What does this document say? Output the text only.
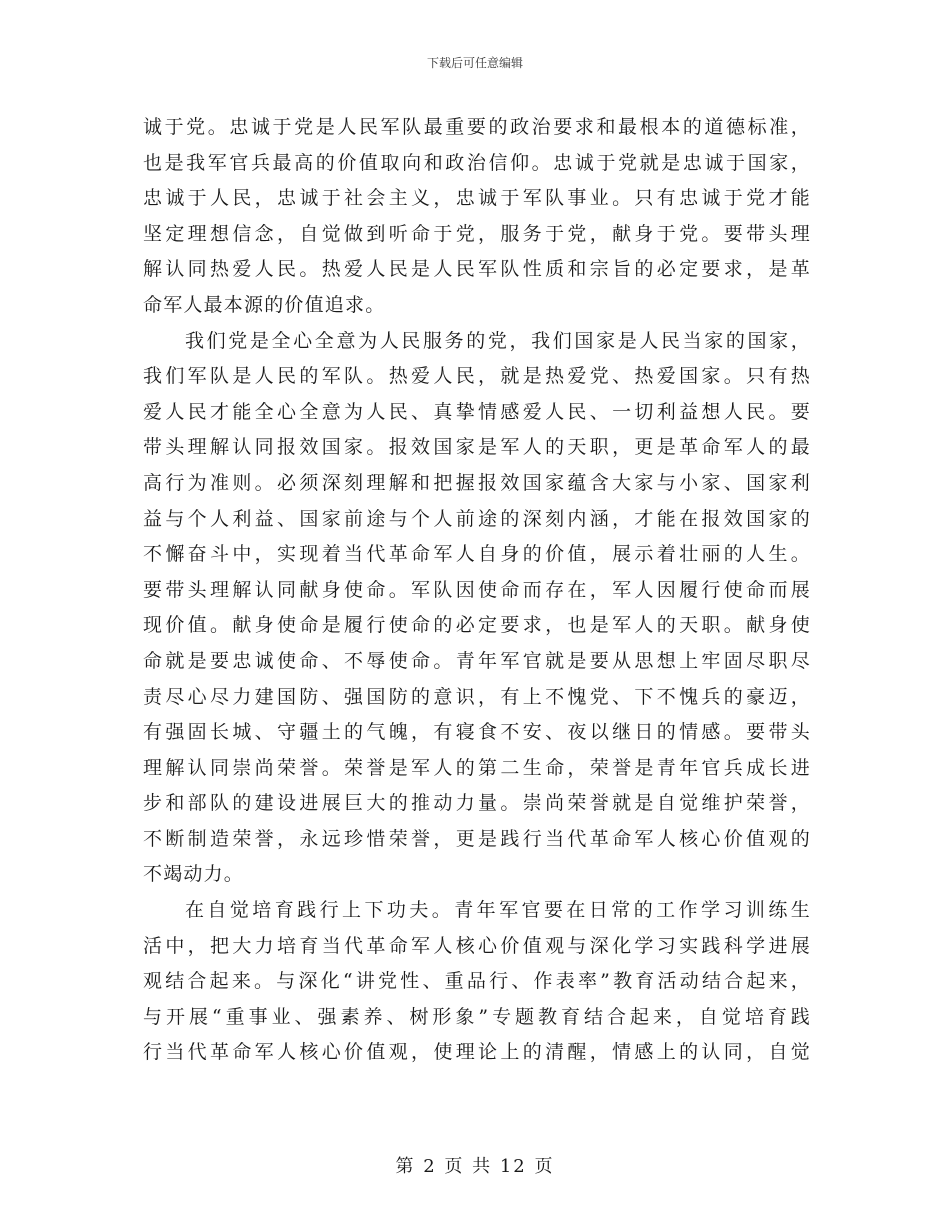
下载后可任意编辑
诚于党。忠诚于党是人民军队最重要的政治要求和最根本的道德标准，
也是我军官兵最高的价值取向和政治信仰。忠诚于党就是忠诚于国家，
忠诚于人民，忠诚于社会主义，忠诚于军队事业。只有忠诚于党才能
坚定理想信念，自觉做到听命于党，服务于党，献身于党。要带头理
解认同热爱人民。热爱人民是人民军队性质和宗旨的必定要求，是革
命军人最本源的价值追求。
我们党是全心全意为人民服务的党，我们国家是人民当家的国家，
我们军队是人民的军队。热爱人民，就是热爱党、热爱国家。只有热
爱人民才能全心全意为人民、真挚情感爱人民、一切利益想人民。要
带头理解认同报效国家。报效国家是军人的天职，更是革命军人的最
高行为准则。必须深刻理解和把握报效国家蕴含大家与小家、国家利
益与个人利益、国家前途与个人前途的深刻内涵，才能在报效国家的
不懈奋斗中，实现着当代革命军人自身的价值，展示着壮丽的人生。
要带头理解认同献身使命。军队因使命而存在，军人因履行使命而展
现价值。献身使命是履行使命的必定要求，也是军人的天职。献身使
命就是要忠诚使命、不辱使命。青年军官就是要从思想上牢固尽职尽
责尽心尽力建国防、强国防的意识，有上不愧党、下不愧兵的豪迈，
有强固长城、守疆土的气魄，有寝食不安、夜以继日的情感。要带头
理解认同崇尚荣誉。荣誉是军人的第二生命，荣誉是青年官兵成长进
步和部队的建设进展巨大的推动力量。崇尚荣誉就是自觉维护荣誉，
不断制造荣誉，永远珍惜荣誉，更是践行当代革命军人核心价值观的
不竭动力。
在自觉培育践行上下功夫。青年军官要在日常的工作学习训练生
活中，把大力培育当代革命军人核心价值观与深化学习实践科学进展
观结合起来。与深化“讲党性、重品行、作表率”教育活动结合起来，
与开展“重事业、强素养、树形象”专题教育结合起来，自觉培育践
行当代革命军人核心价值观，使理论上的清醒，情感上的认同，自觉
第 2 页 共 12 页
